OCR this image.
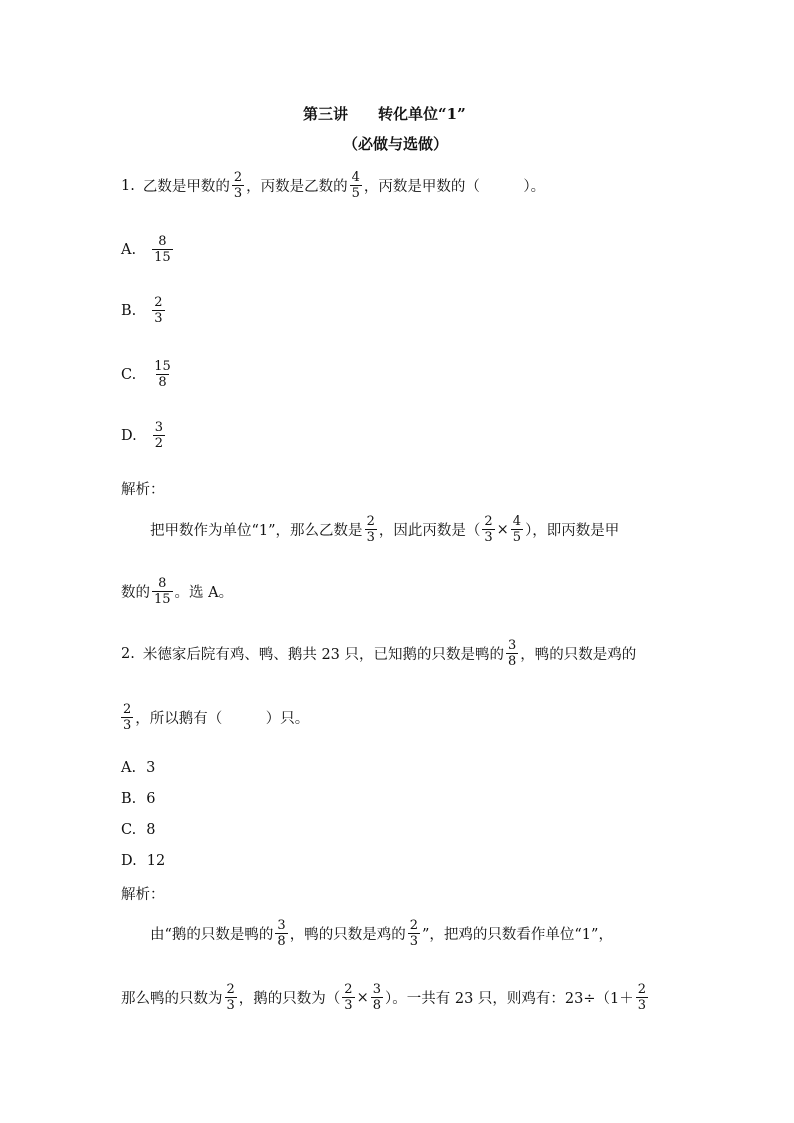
第三讲 转化单位“1”
（必做与选做）
1. 乙数是甲数的 $\frac{2}{3}$ ，丙数是乙数的 $\frac{4}{5}$ ，丙数是甲数的（　　　）。
A. $\frac{8}{15}$
B. $\frac{2}{3}$
C. $\frac{15}{8}$
D. $\frac{3}{2}$
解析：
把甲数作为单位“1”，那么乙数是 $\frac{2}{3}$ ，因此丙数是（ $\frac{2}{3} \times \frac{4}{5}$ ），即丙数是甲
数的 $\frac{8}{15}$ 。选 A。
2. 米德家后院有鸡、鸭、鹅共 23 只，已知鹅的只数是鸭的 $\frac{3}{8}$ ，鸭的只数是鸡的
$\frac{2}{3}$ ，所以鹅有（　　　）只。
A. 3
B. 6
C. 8
D. 12
解析：
由“鹅的只数是鸭的 $\frac{3}{8}$ ，鸭的只数是鸡的 $\frac{2}{3}$ ”，把鸡的只数看作单位“1”，
那么鸭的只数为 $\frac{2}{3}$ ，鹅的只数为（ $\frac{2}{3} \times \frac{3}{8}$ ）。一共有 23 只，则鸡有：$23\div(1+ \frac{2}{3}$
